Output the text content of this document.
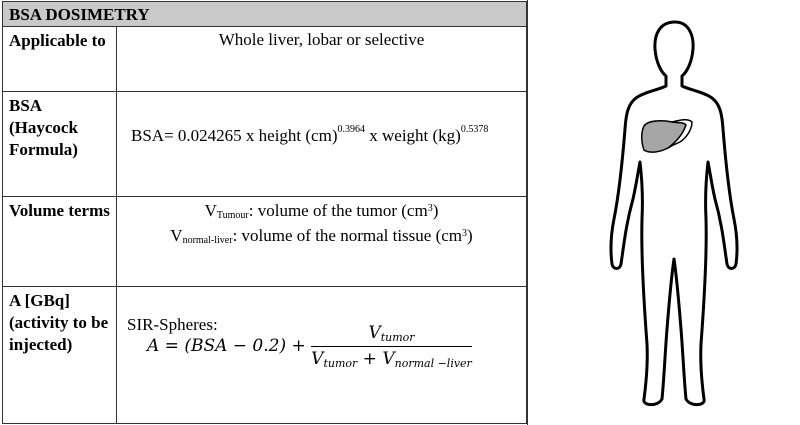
BSA DOSIMETRY
Applicable to	Whole liver, lobar or selective
BSA (Haycock Formula)
BSA= 0.024265 x height (cm)$^{0.3964}$ x weight (kg)$^{0.5378}$
Volume terms	$V_{Tumour}$: volume of the tumor $(cm^3)$
$V_{normal-liver}$: volume of the normal tissue $(cm^3)$
A [GBq] (activity to be injected)
SIR-Spheres:
$A = (BSA - 0.2) + \frac{\text{Vtumor}}{\text{Vtumor + Vnormal −liver}}$
